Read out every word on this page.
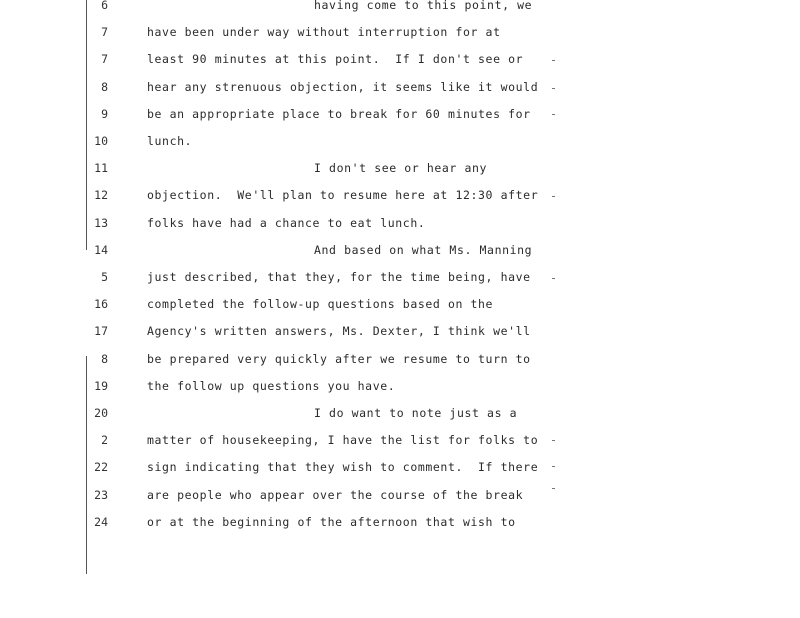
6	having come to this point, we
7	have been under way without interruption for at
7	least 90 minutes at this point.  If I don't see or
8	hear any strenuous objection, it seems like it would
9	be an appropriate place to break for 60 minutes for
10	lunch.
11	I don't see or hear any
12	objection.  We'll plan to resume here at 12:30 after
13	folks have had a chance to eat lunch.
14	And based on what Ms. Manning
5	just described, that they, for the time being, have
16	completed the follow-up questions based on the
17	Agency's written answers, Ms. Dexter, I think we'll
8	be prepared very quickly after we resume to turn to
19	the follow up questions you have.
20	I do want to note just as a
2	matter of housekeeping, I have the list for folks to
22	sign indicating that they wish to comment.  If there
23	are people who appear over the course of the break
24	or at the beginning of the afternoon that wish to
